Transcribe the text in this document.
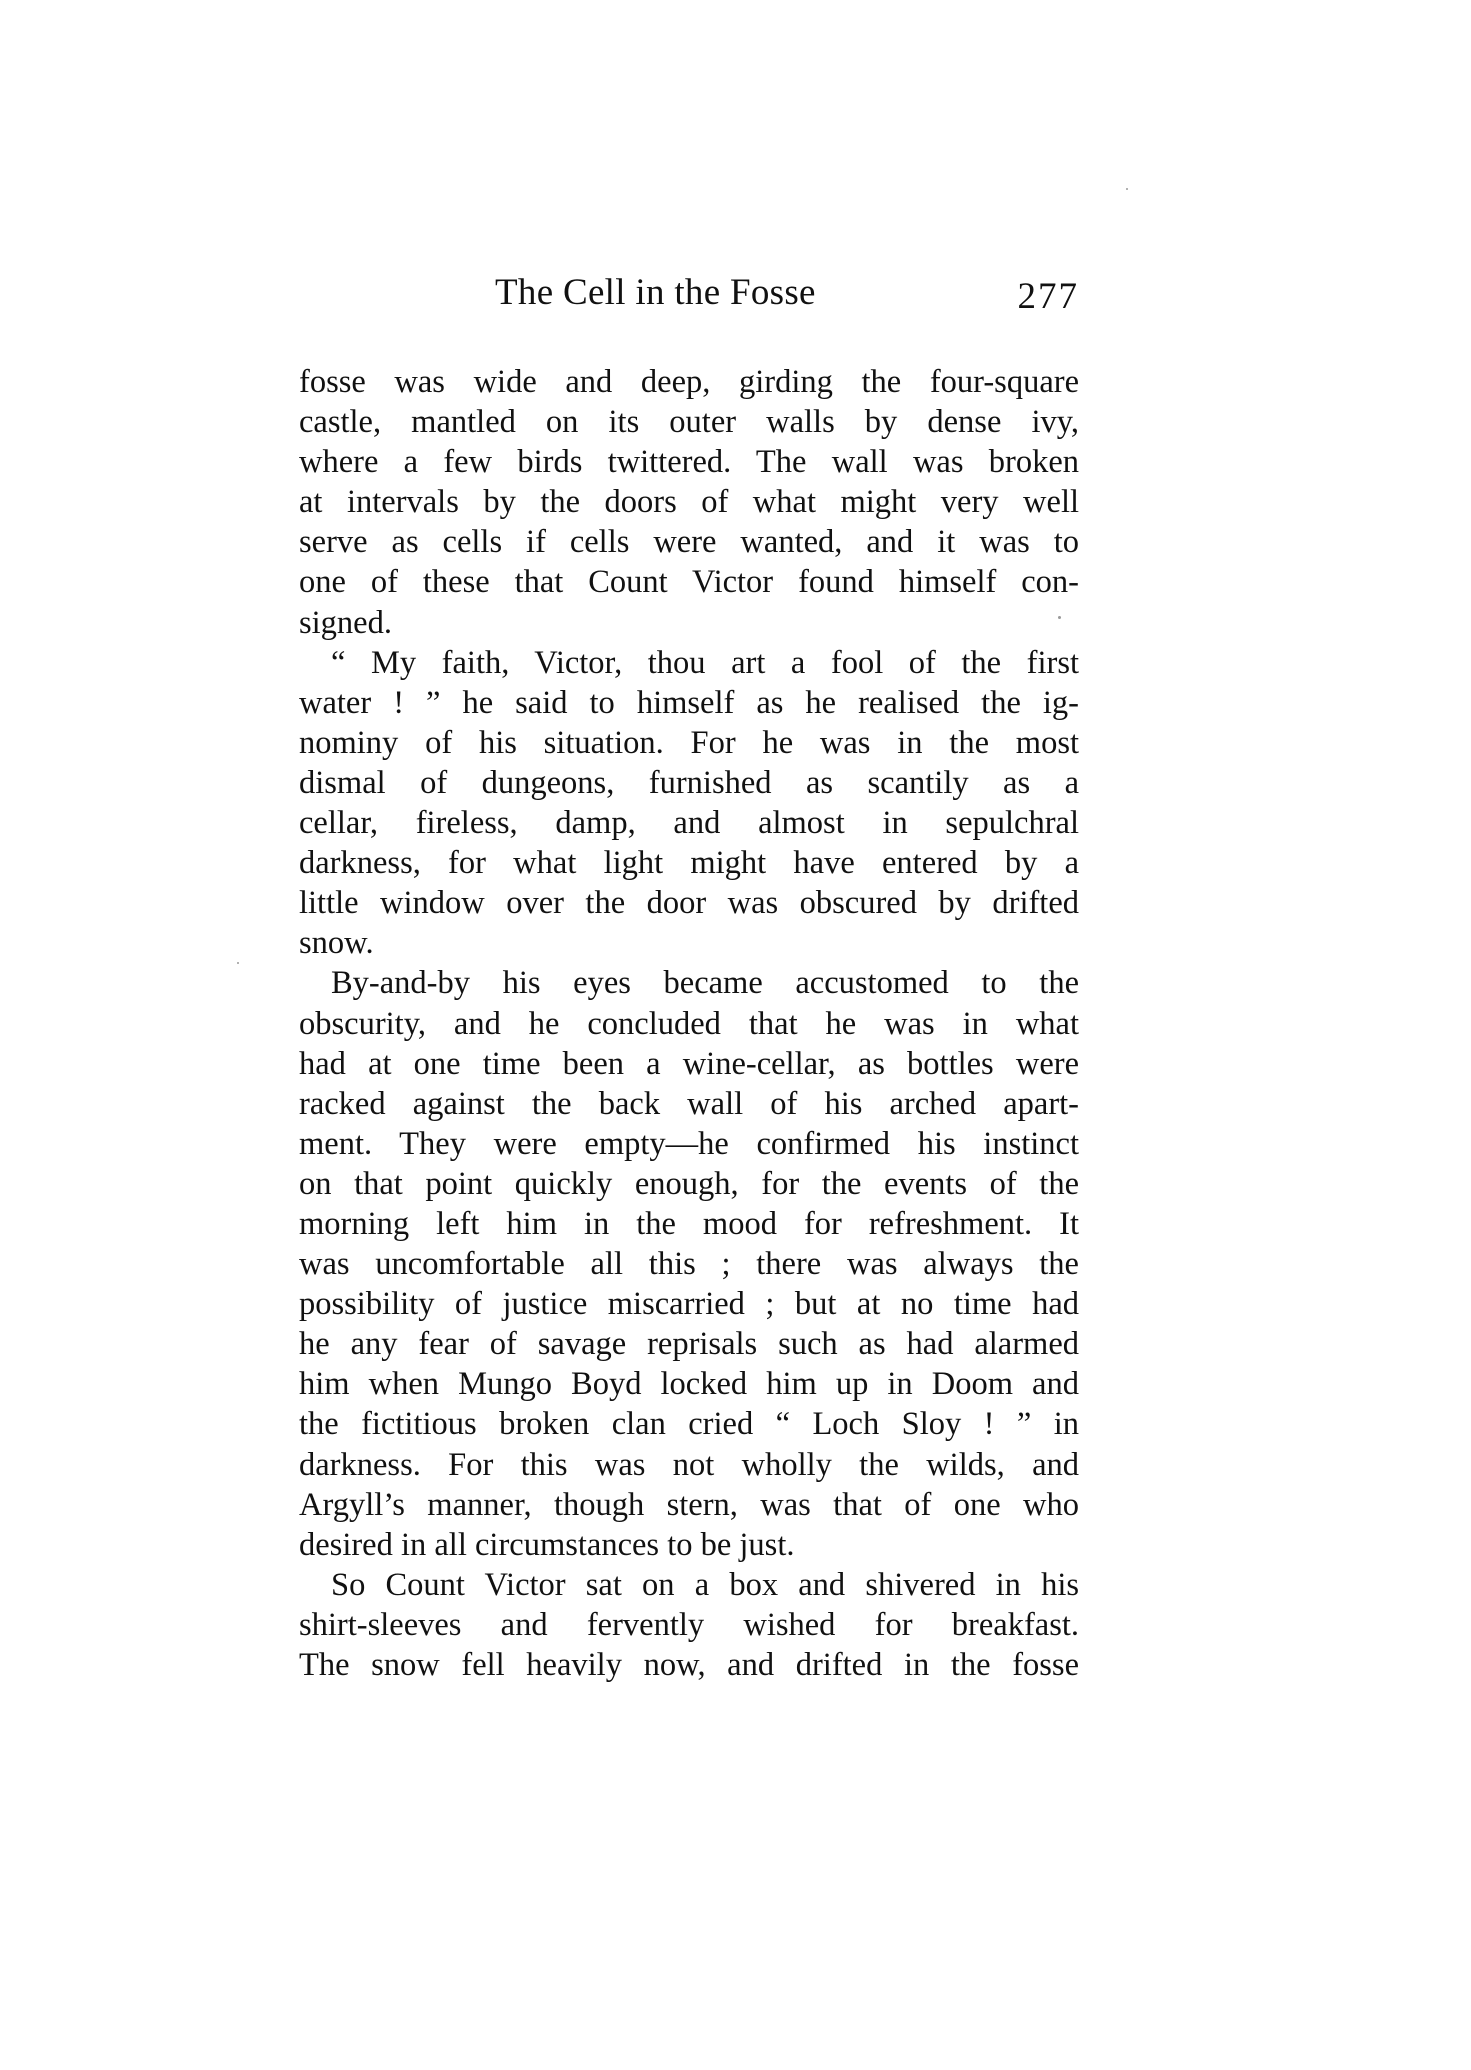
The Cell in the Fosse	277
fosse was wide and deep, girding the four-square
castle, mantled on its outer walls by dense ivy,
where a few birds twittered. The wall was broken
at intervals by the doors of what might very well
serve as cells if cells were wanted, and it was to
one of these that Count Victor found himself con-
signed.
“ My faith, Victor, thou art a fool of the first
water ! ” he said to himself as he realised the ig-
nominy of his situation. For he was in the most
dismal of dungeons, furnished as scantily as a
cellar, fireless, damp, and almost in sepulchral
darkness, for what light might have entered by a
little window over the door was obscured by drifted
snow.
By-and-by his eyes became accustomed to the
obscurity, and he concluded that he was in what
had at one time been a wine-cellar, as bottles were
racked against the back wall of his arched apart-
ment. They were empty—he confirmed his instinct
on that point quickly enough, for the events of the
morning left him in the mood for refreshment. It
was uncomfortable all this ; there was always the
possibility of justice miscarried ; but at no time had
he any fear of savage reprisals such as had alarmed
him when Mungo Boyd locked him up in Doom and
the fictitious broken clan cried “ Loch Sloy ! ” in
darkness. For this was not wholly the wilds, and
Argyll’s manner, though stern, was that of one who
desired in all circumstances to be just.
So Count Victor sat on a box and shivered in his
shirt-sleeves and fervently wished for breakfast.
The snow fell heavily now, and drifted in the fosse
